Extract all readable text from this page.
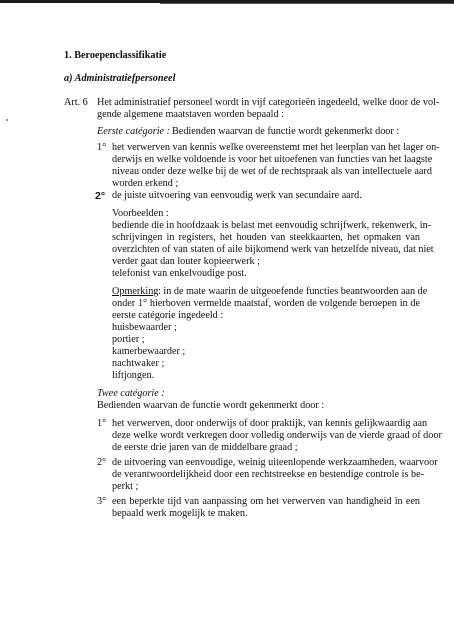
1. Beroepenclassifikatie
a) Administratiefpersoneel
Art. 6 Het administratief personeel wordt in vijf categorieën ingedeeld, welke door de vol-
gende algemene maatstaven worden bepaald :
Eerste catégorie : Bedienden waarvan de functie wordt gekenmerkt door :
1° het verwerven van kennis welke overeenstemt met het leerplan van het lager on-
derwijs en welke voldoende is voor het uitoefenen van functies van het laagste
niveau onder deze welke bij de wet of de rechtspraak als van intellectuele aard
worden erkend ;
2° de juiste uitvoering van eenvoudig werk van secundaire aard.
Voorbeelden :
bediende die in hoofdzaak is belast met eenvoudig schrijfwerk, rekenwerk, in-
schrijvingen in registers, het houden van steekkaarten, het opmaken van
overzichten of van staten of aile bijkomend werk van hetzelfde niveau, dat niet
verder gaat dan louter kopieerwerk ;
telefonist van enkelvoudige post.
Opmerking : in de mate waarin de uitgeoefende functies beantwoorden aan de
onder 1° hierboven vermelde maatstaf, worden de volgende beroepen in de
eerste catégorie ingedeeld :
huisbewaarder ;
portier ;
kamerbewaarder ;
nachtwaker ;
liftjongen.
Twee catégorie :
Bedienden waarvan de functie wordt gekenmerkt door :
1° het verwerven, door onderwijs of door praktijk, van kennis gelijkwaardig aan
deze welke wordt verkregen door volledig onderwijs van de vierde graad of door
de eerste drie jaren van de middelbare graad ;
2° de uitvoering van eenvoudige, weinig uiteenlopende werkzaamheden, waarvoor
de verantwoordelijkheid door een rechtstreekse en bestendige controle is be-
perkt ;
3° een beperkte tijd van aanpassing om het verwerven van handigheid in een
bepaald werk mogelijk te maken.
